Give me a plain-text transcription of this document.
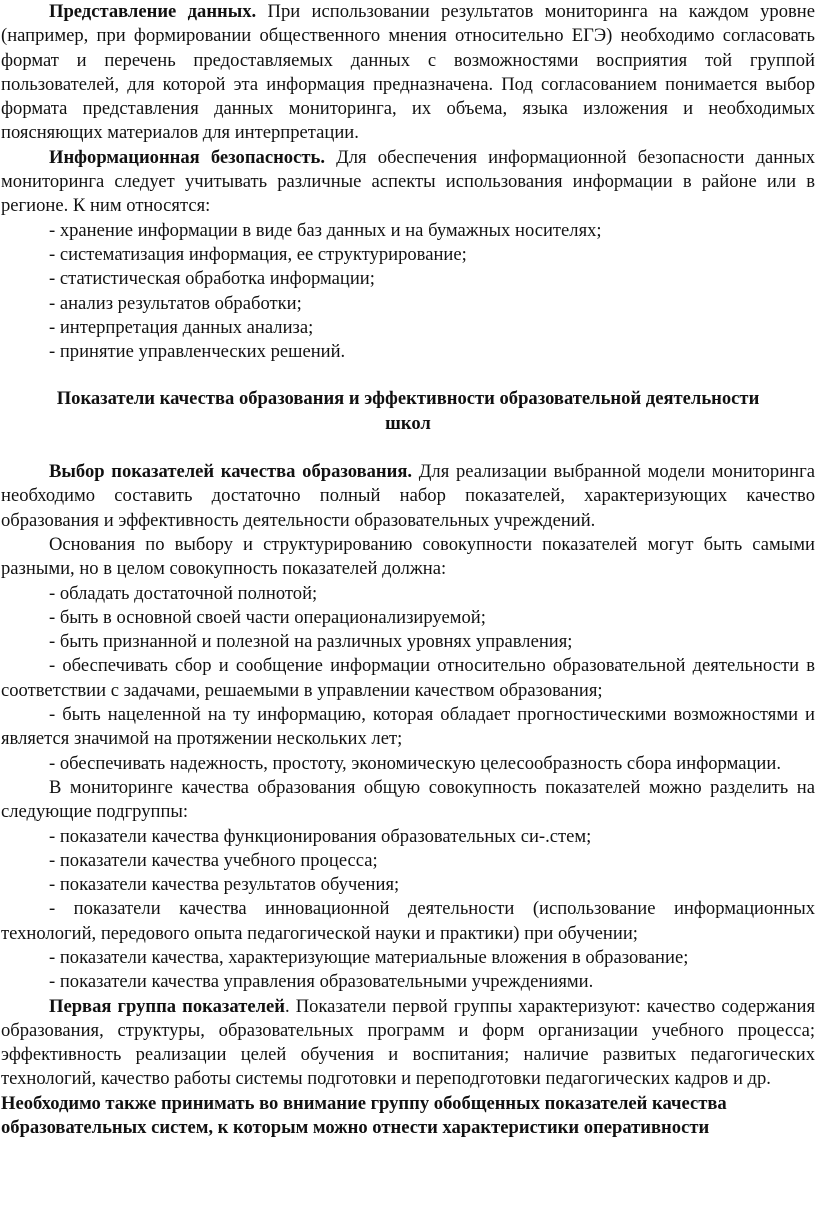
Представление данных. При использовании результатов мониторинга на каждом уровне (например, при формировании общественного мнения относительно ЕГЭ) необходимо согласовать формат и перечень предоставляемых данных с возможностями восприятия той группой пользователей, для которой эта информация предназначена. Под согласованием понимается выбор формата представления данных мониторинга, их объема, языка изложения и необходимых поясняющих материалов для интерпретации.

Информационная безопасность. Для обеспечения информационной безопасности данных мониторинга следует учитывать различные аспекты использования информации в районе или в регионе. К ним относятся:

- хранение информации в виде баз данных и на бумажных носителях;

- систематизация информация, ее структурирование;

- статистическая обработка информации;

- анализ результатов обработки;

- интерпретация данных анализа;

- принятие управленческих решений.

Показатели качества образования и эффективности образовательной деятельности школ

Выбор показателей качества образования. Для реализации выбранной модели мониторинга необходимо составить достаточно полный набор показателей, характеризующих качество образования и эффективность деятельности образовательных учреждений.

Основания по выбору и структурированию совокупности показателей могут быть самыми разными, но в целом совокупность показателей должна:

- обладать достаточной полнотой;

- быть в основной своей части операционализируемой;

- быть признанной и полезной на различных уровнях управления;

- обеспечивать сбор и сообщение информации относительно образовательной деятельности в соответствии с задачами, решаемыми в управлении качеством образования;

- быть нацеленной на ту информацию, которая обладает прогностическими возможностями и является значимой на протяжении нескольких лет;

- обеспечивать надежность, простоту, экономическую целесообразность сбора информации.

В мониторинге качества образования общую совокупность показателей можно разделить на следующие подгруппы:

- показатели качества функционирования образовательных си-.стем;

- показатели качества учебного процесса;

- показатели качества результатов обучения;

- показатели качества инновационной деятельности (использование информационных технологий, передового опыта педагогической науки и практики) при обучении;

- показатели качества, характеризующие материальные вложения в образование;

- показатели качества управления образовательными учреждениями.

Первая группа показателей. Показатели первой группы характеризуют: качество содержания образования, структуры, образовательных программ и форм организации учебного процесса; эффективность реализации целей обучения и воспитания; наличие развитых педагогических технологий, качество работы системы подготовки и переподготовки педагогических кадров и др.

Необходимо также принимать во внимание группу обобщенных показателей качества образовательных систем, к которым можно отнести характеристики оперативности
